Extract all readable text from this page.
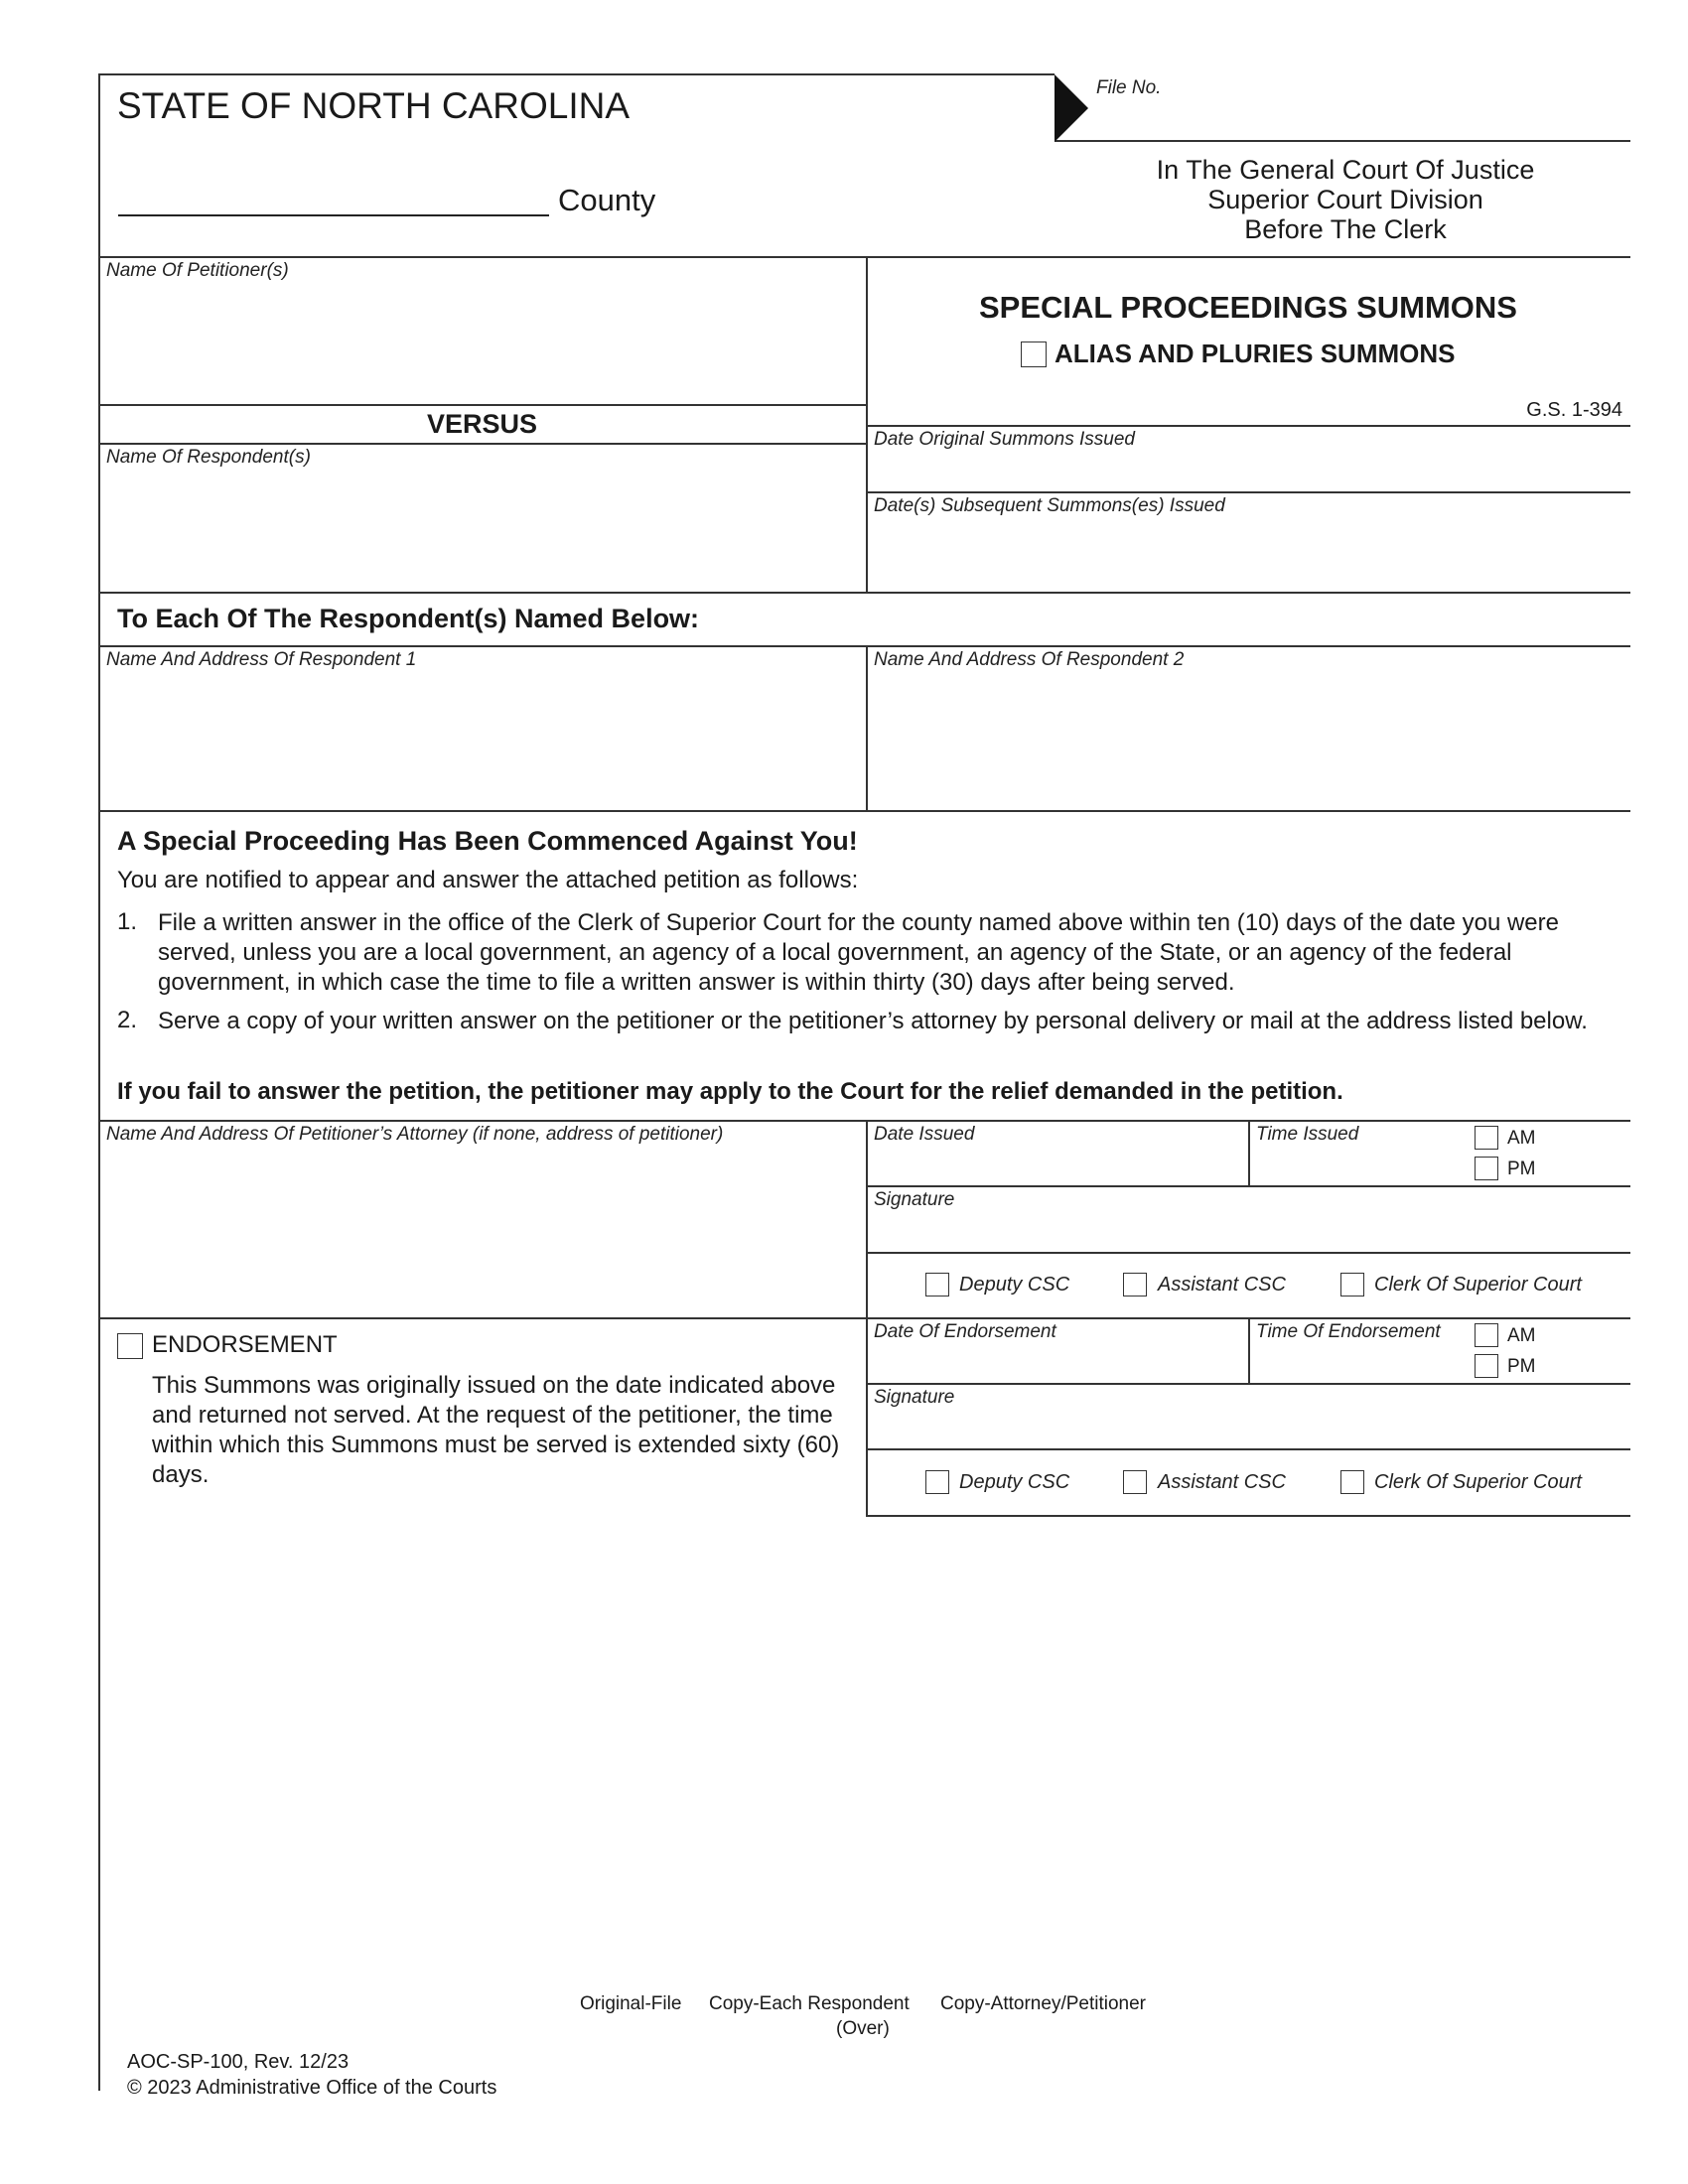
STATE OF NORTH CAROLINA
County
File No.
In The General Court Of Justice
Superior Court Division
Before The Clerk
Name Of Petitioner(s)
VERSUS
Name Of Respondent(s)
SPECIAL PROCEEDINGS SUMMONS
ALIAS AND PLURIES SUMMONS
G.S. 1-394
Date Original Summons Issued
Date(s) Subsequent Summons(es) Issued
To Each Of The Respondent(s) Named Below:
Name And Address Of Respondent 1	Name And Address Of Respondent 2
A Special Proceeding Has Been Commenced Against You!
You are notified to appear and answer the attached petition as follows:
1. File a written answer in the office of the Clerk of Superior Court for the county named above within ten (10) days of the date you were served, unless you are a local government, an agency of a local government, an agency of the State, or an agency of the federal government, in which case the time to file a written answer is within thirty (30) days after being served.
2. Serve a copy of your written answer on the petitioner or the petitioner’s attorney by personal delivery or mail at the address listed below.
If you fail to answer the petition, the petitioner may apply to the Court for the relief demanded in the petition.
Name And Address Of Petitioner’s Attorney (if none, address of petitioner)	Date Issued	Time Issued	AM
PM
Signature
Deputy CSC	Assistant CSC	Clerk Of Superior Court
ENDORSEMENT
This Summons was originally issued on the date indicated above and returned not served. At the request of the petitioner, the time within which this Summons must be served is extended sixty (60) days.
Date Of Endorsement	Time Of Endorsement	AM
PM
Signature
Deputy CSC	Assistant CSC	Clerk Of Superior Court
Original-File Copy-Each Respondent Copy-Attorney/Petitioner
(Over)
AOC-SP-100, Rev. 12/23
© 2023 Administrative Office of the Courts
